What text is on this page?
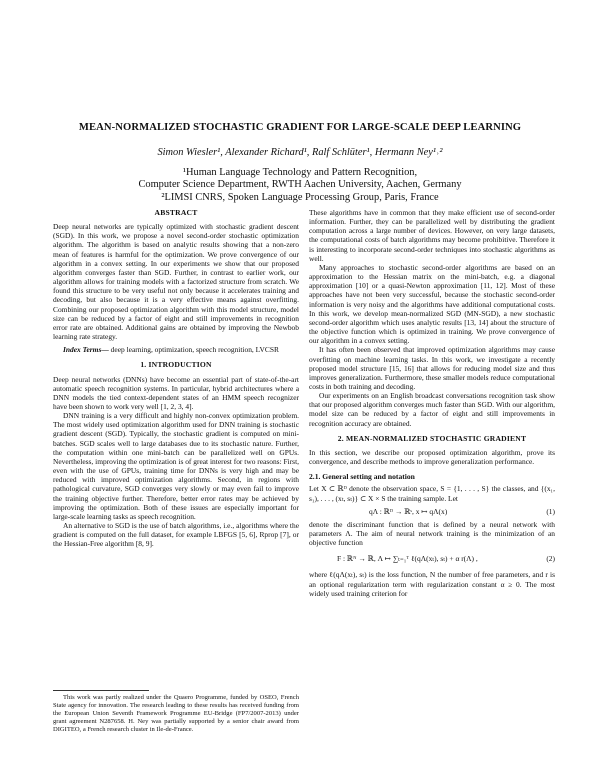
MEAN-NORMALIZED STOCHASTIC GRADIENT FOR LARGE-SCALE DEEP LEARNING
Simon Wiesler¹, Alexander Richard¹, Ralf Schlüter¹, Hermann Ney¹˒²
¹Human Language Technology and Pattern Recognition,
Computer Science Department, RWTH Aachen University, Aachen, Germany
²LIMSI CNRS, Spoken Language Processing Group, Paris, France
ABSTRACT

Deep neural networks are typically optimized with stochastic gradient descent (SGD). In this work, we propose a novel second-order stochastic optimization algorithm. The algorithm is based on analytic results showing that a non-zero mean of features is harmful for the optimization. We prove convergence of our algorithm in a convex setting. In our experiments we show that our proposed algorithm converges faster than SGD. Further, in contrast to earlier work, our algorithm allows for training models with a factorized structure from scratch. We found this structure to be very useful not only because it accelerates training and decoding, but also because it is a very effective means against overfitting. Combining our proposed optimization algorithm with this model structure, model size can be reduced by a factor of eight and still improvements in recognition error rate are obtained. Additional gains are obtained by improving the Newbob learning rate strategy.

Index Terms— deep learning, optimization, speech recognition, LVCSR

1. INTRODUCTION

Deep neural networks (DNNs) have become an essential part of state-of-the-art automatic speech recognition systems. In particular, hybrid architectures where a DNN models the tied context-dependent states of an HMM speech recognizer have been shown to work very well [1, 2, 3, 4].

DNN training is a very difficult and highly non-convex optimization problem. The most widely used optimization algorithm used for DNN training is stochastic gradient descent (SGD). Typically, the stochastic gradient is computed on mini-batches. SGD scales well to large databases due to its stochastic nature. Further, the computation within one mini-batch can be parallelized well on GPUs. Nevertheless, improving the optimization is of great interest for two reasons: First, even with the use of GPUs, training time for DNNs is very high and may be reduced with improved optimization algorithms. Second, in regions with pathological curvature, SGD converges very slowly or may even fail to improve the training objective further. Therefore, better error rates may be achieved by improving the optimization. Both of these issues are especially important for large-scale learning tasks as speech recognition.

An alternative to SGD is the use of batch algorithms, i.e., algorithms where the gradient is computed on the full dataset, for example LBFGS [5, 6], Rprop [7], or the Hessian-Free algorithm [8, 9].

This work was partly realized under the Quaero Programme, funded by OSEO, French State agency for innovation. The research leading to these results has received funding from the European Union Seventh Framework Programme EU-Bridge (FP7/2007-2013) under grant agreement N287658. H. Ney was partially supported by a senior chair award from DIGITEO, a French research cluster in Ile-de-France.

These algorithms have in common that they make efficient use of second-order information. Further, they can be parallelized well by distributing the gradient computation across a large number of devices. However, on very large datasets, the computational costs of batch algorithms may become prohibitive. Therefore it is interesting to incorporate second-order techniques into stochastic algorithms as well.

Many approaches to stochastic second-order algorithms are based on an approximation to the Hessian matrix on the mini-batch, e.g. a diagonal approximation [10] or a quasi-Newton approximation [11, 12]. Most of these approaches have not been very successful, because the stochastic second-order information is very noisy and the algorithms have additional computational costs. In this work, we develop mean-normalized SGD (MN-SGD), a new stochastic second-order algorithm which uses analytic results [13, 14] about the structure of the objective function which is optimized in training. We prove convergence of our algorithm in a convex setting.

It has often been observed that improved optimization algorithms may cause overfitting on machine learning tasks. In this work, we investigate a recently proposed model structure [15, 16] that allows for reducing model size and thus improves generalization. Furthermore, these smaller models reduce computational costs in both training and decoding.

Our experiments on an English broadcast conversations recognition task show that our proposed algorithm converges much faster than SGD. With our algorithm, model size can be reduced by a factor of eight and still improvements in recognition accuracy are obtained.

2. MEAN-NORMALIZED STOCHASTIC GRADIENT

In this section, we describe our proposed optimization algorithm, prove its convergence, and describe methods to improve generalization performance.

2.1. General setting and notation

Let X ⊂ ℝᴰ denote the observation space, S = {1, . . . , S} the classes, and {(x₁, s₁), . . . , (xₜ, sₜ)} ⊂ X × S the training sample. Let

qΛ : ℝᴰ → ℝˢ, x ↦ qΛ(x)	(1)

denote the discriminant function that is defined by a neural network with parameters Λ. The aim of neural network training is the minimization of an objective function

F : ℝᴺ → ℝ, Λ ↦ ∑ₜ₌₁ᵀ ℓ(qΛ(xₜ), sₜ) + α r(Λ) ,	(2)

where ℓ(qΛ(xₜ), sₜ) is the loss function, N the number of free parameters, and r is an optional regularization term with regularization constant α ≥ 0. The most widely used training criterion for
